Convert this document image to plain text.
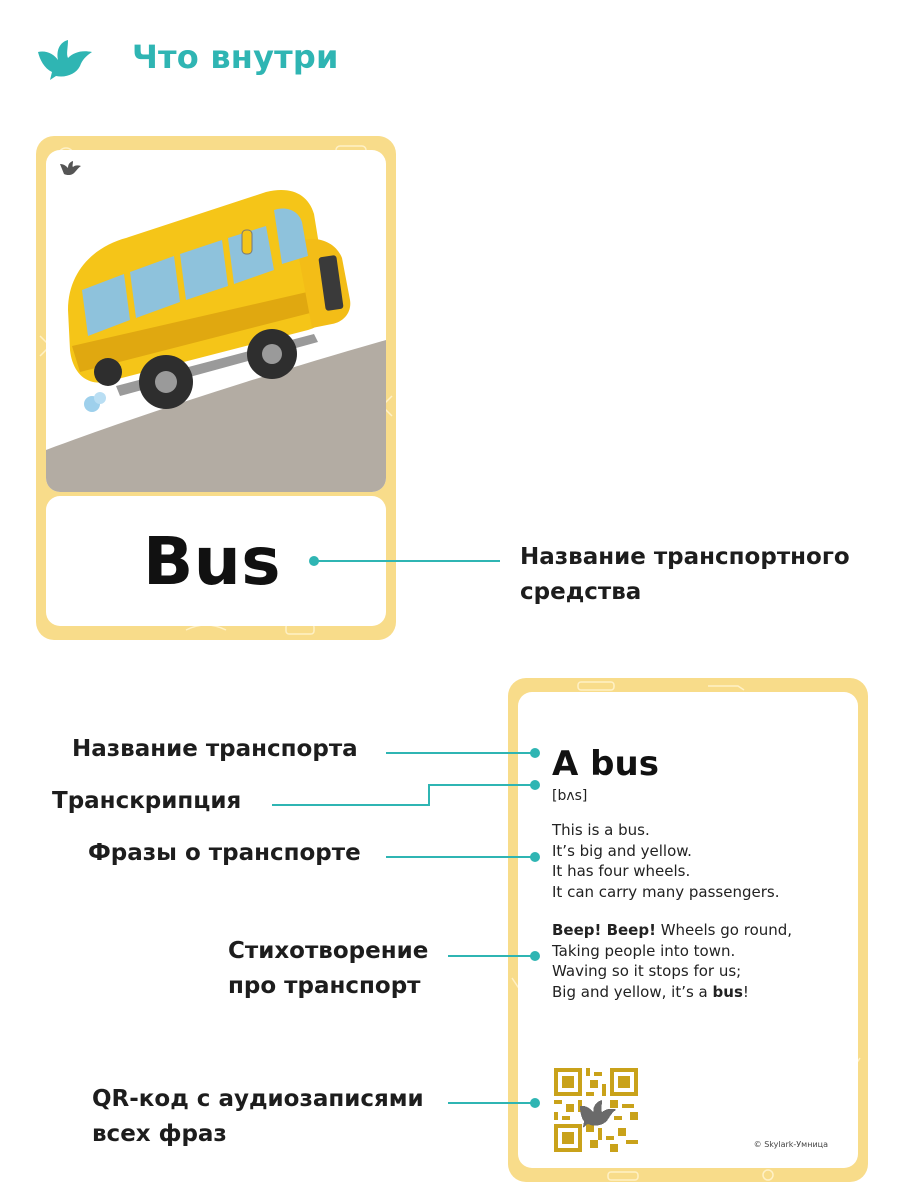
Что внутри
Bus	Название транспортного средства
A bus
[bʌs]
This is a bus.
It’s big and yellow.
It has four wheels.
It can carry many passengers.
Beep! Beep! Wheels go round,
Taking people into town.
Waving so it stops for us;
Big and yellow, it’s a bus!
© Skylark-Умница
Название транспорта
Транскрипция
Фразы о транспорте
Стихотворение про транспорт
QR-код с аудиозаписями всех фраз
